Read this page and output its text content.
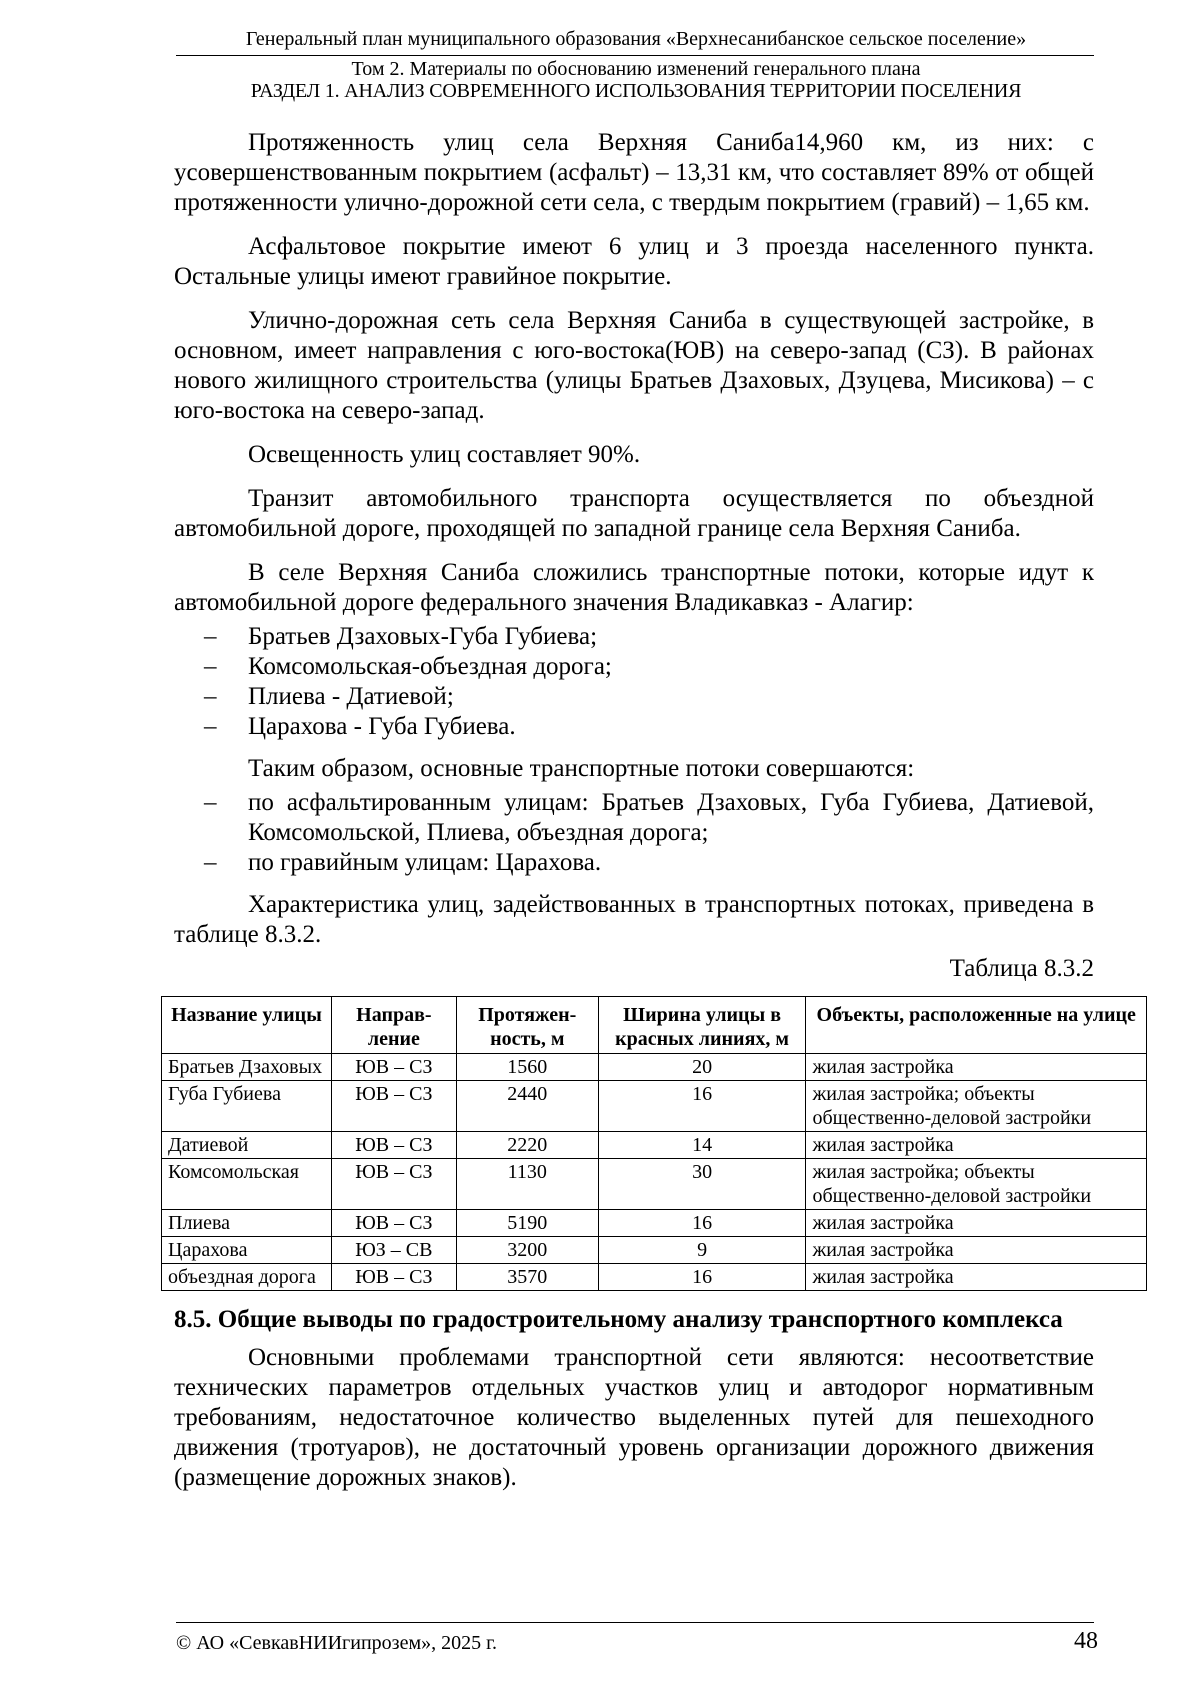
Генеральный план муниципального образования «Верхнесанибанское сельское поселение»
Том 2. Материалы по обоснованию изменений генерального плана
РАЗДЕЛ 1. АНАЛИЗ СОВРЕМЕННОГО ИСПОЛЬЗОВАНИЯ ТЕРРИТОРИИ ПОСЕЛЕНИЯ

Протяженность улиц села Верхняя Саниба14,960 км, из них: с усовершенствованным покрытием (асфальт) – 13,31 км, что составляет 89% от общей протяженности улично-дорожной сети села, с твердым покрытием (гравий) – 1,65 км.

Асфальтовое покрытие имеют 6 улиц и 3 проезда населенного пункта. Остальные улицы имеют гравийное покрытие.

Улично-дорожная сеть села Верхняя Саниба в существующей застройке, в основном, имеет направления с юго-востока(ЮВ) на северо-запад (СЗ). В районах нового жилищного строительства (улицы Братьев Дзаховых, Дзуцева, Мисикова) – с юго-востока на северо-запад.

Освещенность улиц составляет 90%.

Транзит автомобильного транспорта осуществляется по объездной автомобильной дороге, проходящей по западной границе села Верхняя Саниба.

В селе Верхняя Саниба сложились транспортные потоки, которые идут к автомобильной дороге федерального значения Владикавказ - Алагир:

– Братьев Дзаховых-Губа Губиева;
– Комсомольская-объездная дорога;
– Плиева - Датиевой;
– Царахова - Губа Губиева.

Таким образом, основные транспортные потоки совершаются:

– по асфальтированным улицам: Братьев Дзаховых, Губа Губиева, Датиевой, Комсомольской, Плиева, объездная дорога;
– по гравийным улицам: Царахова.

Характеристика улиц, задействованных в транспортных потоках, приведена в таблице 8.3.2.

Таблица 8.3.2
Название улицы	Направ-ление	Протяжен-ность, м	Ширина улицы в красных линиях, м	Объекты, расположенные на улице
Братьев Дзаховых	ЮВ – СЗ	1560	20	жилая застройка
Губа Губиева	ЮВ – СЗ	2440	16	жилая застройка; объекты общественно-деловой застройки
Датиевой	ЮВ – СЗ	2220	14	жилая застройка
Комсомольская	ЮВ – СЗ	1130	30	жилая застройка; объекты общественно-деловой застройки
Плиева	ЮВ – СЗ	5190	16	жилая застройка
Царахова	ЮЗ – СВ	3200	9	жилая застройка
объездная дорога	ЮВ – СЗ	3570	16	жилая застройка
8.5. Общие выводы по градостроительному анализу транспортного комплекса

Основными проблемами транспортной сети являются: несоответствие технических параметров отдельных участков улиц и автодорог нормативным требованиям, недостаточное количество выделенных путей для пешеходного движения (тротуаров), не достаточный уровень организации дорожного движения (размещение дорожных знаков).

© АО «СевкавНИИгипрозем», 2025 г.	48
